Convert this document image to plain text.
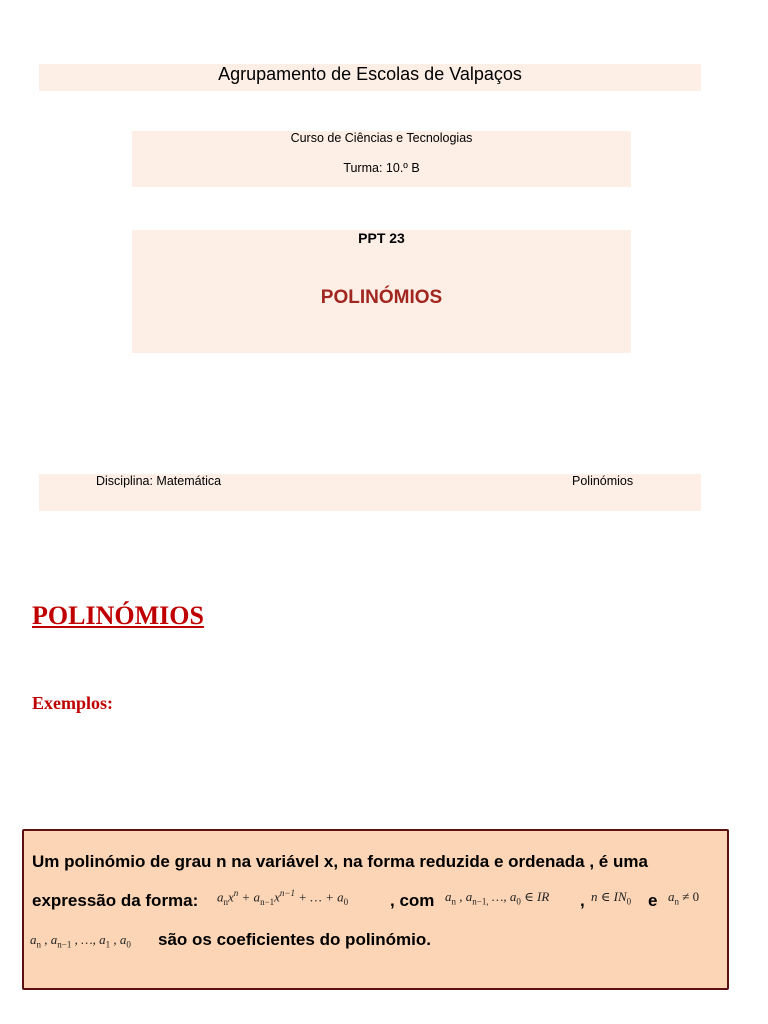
Agrupamento de Escolas de Valpaços
Curso de Ciências e Tecnologias
Turma: 10.º B
PPT 23
POLINÓMIOS
Disciplina: Matemática	Polinómios
POLINÓMIOS
Exemplos:
Um polinómio de grau n na variável x, na forma reduzida e ordenada , é uma
expressão da forma: $a_nx^n + a_{n-1}x^{n-1}$ + … + $a_0$ , com $a_n$ , $a_{n-1,}$ …, $a_0$ ∈ IR , n ∈ $IN_0$ e $a_n \ne 0$
$a_n$ , $a_{n-1}$ , …, $a_1$ , $a_0$ são os coeficientes do polinómio.
